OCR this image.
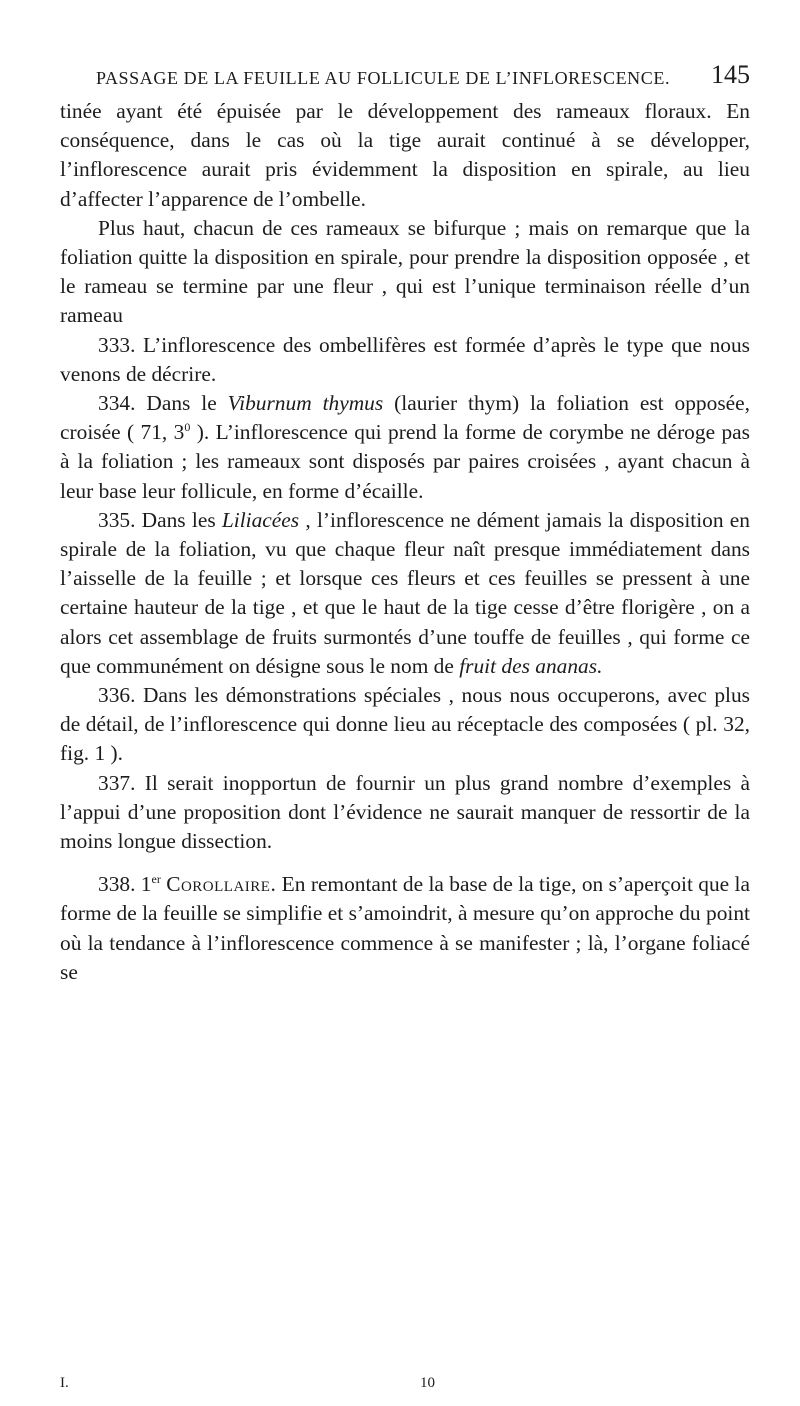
PASSAGE DE LA FEUILLE AU FOLLICULE DE L’INFLORESCENCE. 145

tinée ayant été épuisée par le développement des rameaux floraux. En conséquence, dans le cas où la tige aurait continué à se développer, l’inflorescence aurait pris évidemment la disposition en spirale, au lieu d’affecter l’apparence de l’ombelle.

Plus haut, chacun de ces rameaux se bifurque ; mais on remarque que la foliation quitte la disposition en spirale, pour prendre la disposition opposée , et le rameau se termine par une fleur , qui est l’unique terminaison réelle d’un rameau

333. L’inflorescence des ombellifères est formée d’après le type que nous venons de décrire.

334. Dans le Viburnum thymus (laurier thym) la foliation est opposée, croisée ( 71, $3^0$ ). L’inflorescence qui prend la forme de corymbe ne déroge pas à la foliation ; les rameaux sont disposés par paires croisées , ayant chacun à leur base leur follicule, en forme d’écaille.

335. Dans les Liliacées , l’inflorescence ne dément jamais la disposition en spirale de la foliation, vu que chaque fleur naît presque immédiatement dans l’aisselle de la feuille ; et lorsque ces fleurs et ces feuilles se pressent à une certaine hauteur de la tige , et que le haut de la tige cesse d’être florigère , on a alors cet assemblage de fruits surmontés d’une touffe de feuilles , qui forme ce que communément on désigne sous le nom de fruit des ananas.

336. Dans les démonstrations spéciales , nous nous occuperons, avec plus de détail, de l’inflorescence qui donne lieu au réceptacle des composées ( pl. 32, fig. 1 ).

337. Il serait inopportun de fournir un plus grand nombre d’exemples à l’appui d’une proposition dont l’évidence ne saurait manquer de ressortir de la moins longue dissection.

338. 1er Corollaire. En remontant de la base de la tige, on s’aperçoit que la forme de la feuille se simplifie et s’amoindrit, à mesure qu’on approche du point où la tendance à l’inflorescence commence à se manifester ; là, l’organe foliacé se

I.	10
